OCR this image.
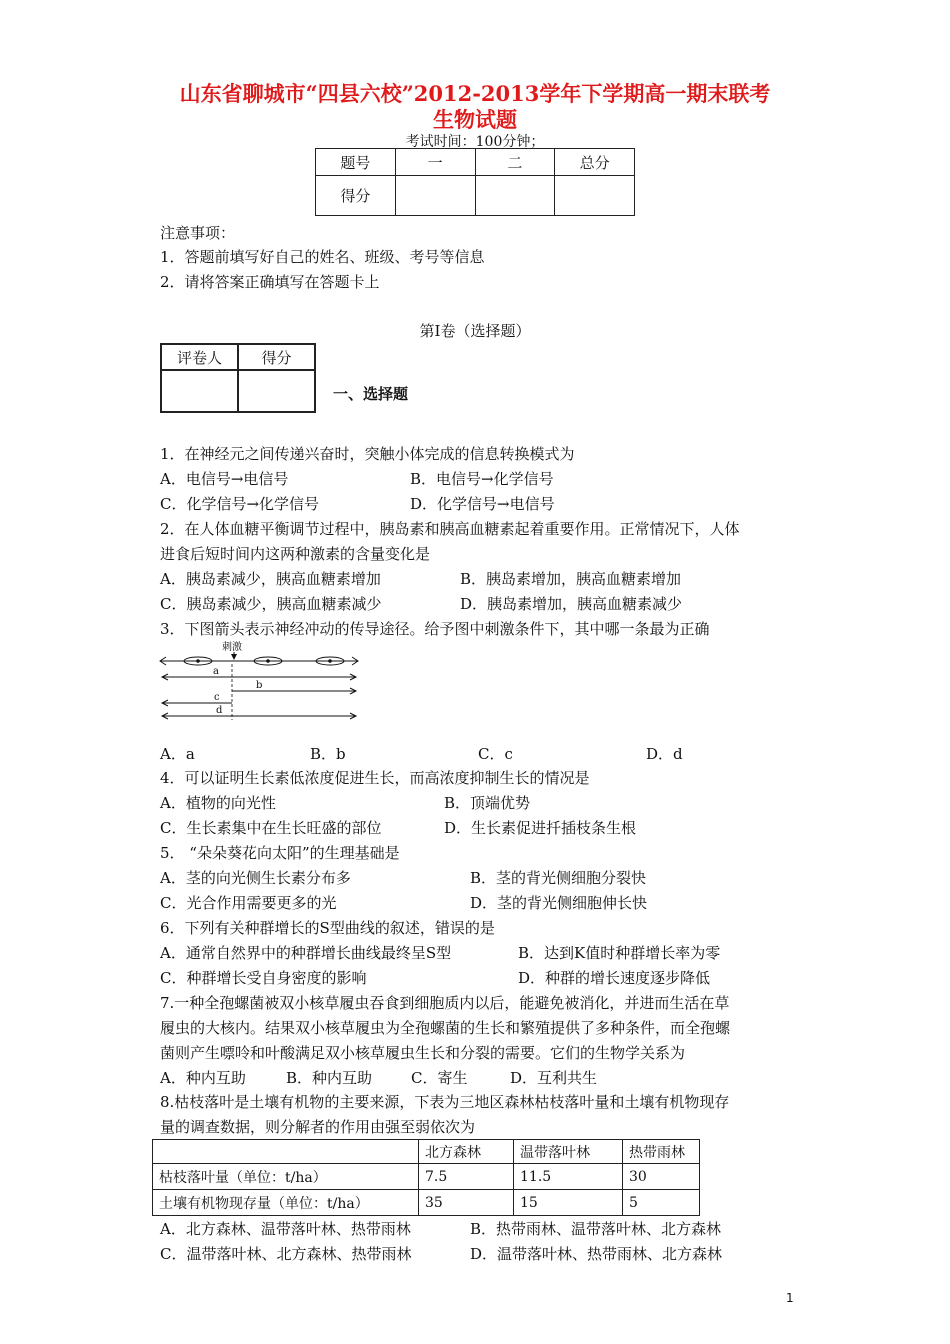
山东省聊城市“四县六校”2012-2013学年下学期高一期末联考
生物试题
考试时间：100分钟；
题号	一	二	总分
得分			
注意事项：
1．答题前填写好自己的姓名、班级、考号等信息
2．请将答案正确填写在答题卡上
第Ⅰ卷（选择题）
评卷人	得分

一、选择题
1．在神经元之间传递兴奋时，突触小体完成的信息转换模式为
A．电信号→电信号	B．电信号→化学信号
C．化学信号→化学信号	D．化学信号→电信号
2．在人体血糖平衡调节过程中，胰岛素和胰高血糖素起着重要作用。正常情况下，人体
进食后短时间内这两种激素的含量变化是
A．胰岛素减少，胰高血糖素增加	B．胰岛素增加，胰高血糖素增加
C．胰岛素减少，胰高血糖素减少	D．胰岛素增加，胰高血糖素减少
3．下图箭头表示神经冲动的传导途径。给予图中刺激条件下，其中哪一条最为正确
刺激
a
b
c
d
A．a	B．b	C．c	D．d
4．可以证明生长素低浓度促进生长，而高浓度抑制生长的情况是
A．植物的向光性	B．顶端优势
C．生长素集中在生长旺盛的部位	D．生长素促进扦插枝条生根
5． “朵朵葵花向太阳”的生理基础是
A．茎的向光侧生长素分布多	B．茎的背光侧细胞分裂快
C．光合作用需要更多的光	D．茎的背光侧细胞伸长快
6．下列有关种群增长的S型曲线的叙述，错误的是
A．通常自然界中的种群增长曲线最终呈S型	B．达到K值时种群增长率为零
C．种群增长受自身密度的影响	D．种群的增长速度逐步降低
7.一种全孢螺菌被双小核草履虫吞食到细胞质内以后，能避免被消化，并进而生活在草
履虫的大核内。结果双小核草履虫为全孢螺菌的生长和繁殖提供了多种条件，而全孢螺
菌则产生嘌呤和叶酸满足双小核草履虫生长和分裂的需要。它们的生物学关系为
A．种内互助	B．种内互助	C．寄生	D．互利共生
8.枯枝落叶是土壤有机物的主要来源，下表为三地区森林枯枝落叶量和土壤有机物现存
量的调查数据，则分解者的作用由强至弱依次为
	北方森林	温带落叶林	热带雨林
枯枝落叶量（单位：t/ha）	7.5	11.5	30
土壤有机物现存量（单位：t/ha）	35	15	5
A．北方森林、温带落叶林、热带雨林	B．热带雨林、温带落叶林、北方森林
C．温带落叶林、北方森林、热带雨林	D．温带落叶林、热带雨林、北方森林
1
